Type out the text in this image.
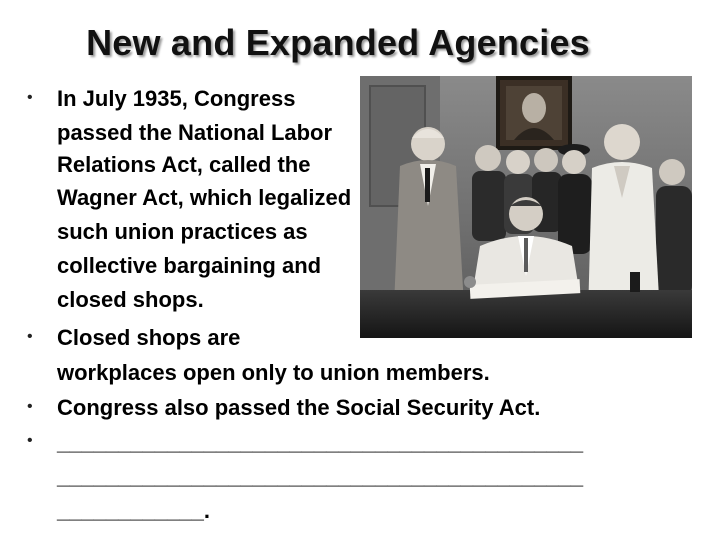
New and Expanded Agencies
• In July 1935, Congress
passed the National Labor
Relations Act, called the
Wagner Act, which legalized
such union practices as
collective bargaining and
closed shops.
• Closed shops are
workplaces open only to union members.
• Congress also passed the Social Security Act.
• ___________________________________________
___________________________________________
____________.
